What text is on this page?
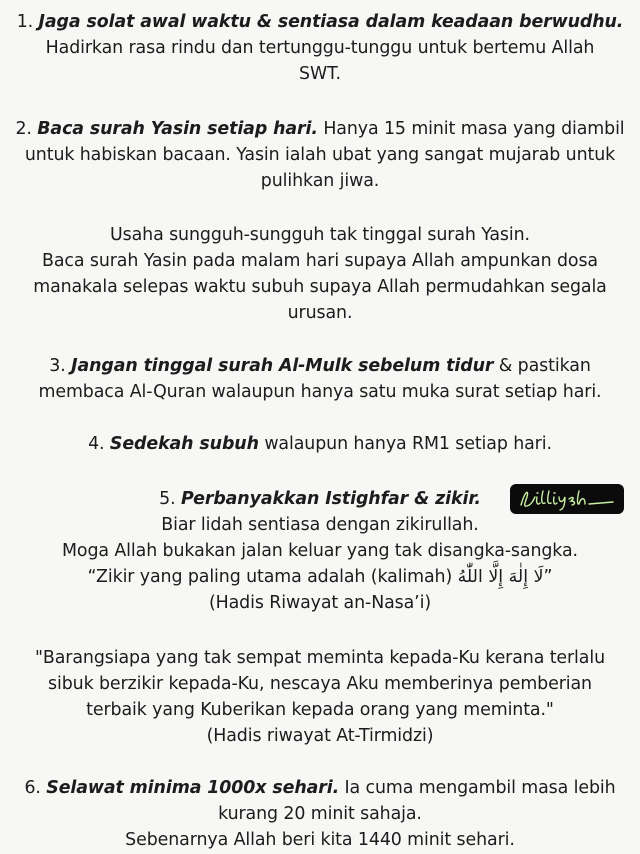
1. Jaga solat awal waktu & sentiasa dalam keadaan berwudhu.
Hadirkan rasa rindu dan tertunggu-tunggu untuk bertemu Allah
SWT.
2. Baca surah Yasin setiap hari. Hanya 15 minit masa yang diambil
untuk habiskan bacaan. Yasin ialah ubat yang sangat mujarab untuk
pulihkan jiwa.
Usaha sungguh-sungguh tak tinggal surah Yasin.
Baca surah Yasin pada malam hari supaya Allah ampunkan dosa
manakala selepas waktu subuh supaya Allah permudahkan segala
urusan.
3. Jangan tinggal surah Al-Mulk sebelum tidur & pastikan
membaca Al-Quran walaupun hanya satu muka surat setiap hari.
4. Sedekah subuh walaupun hanya RM1 setiap hari.
5. Perbanyakkan Istighfar & zikir.
Biar lidah sentiasa dengan zikirullah.
Moga Allah bukakan jalan keluar yang tak disangka-sangka.
“Zikir yang paling utama adalah (kalimah) لَا إِلٰهَ إِلَّا اللّٰهُ”
(Hadis Riwayat an-Nasa’i)
"Barangsiapa yang tak sempat meminta kepada-Ku kerana terlalu
sibuk berzikir kepada-Ku, nescaya Aku memberinya pemberian
terbaik yang Kuberikan kepada orang yang meminta."
(Hadis riwayat At-Tirmidzi)
6. Selawat minima 1000x sehari. Ia cuma mengambil masa lebih
kurang 20 minit sahaja.
Sebenarnya Allah beri kita 1440 minit sehari.
